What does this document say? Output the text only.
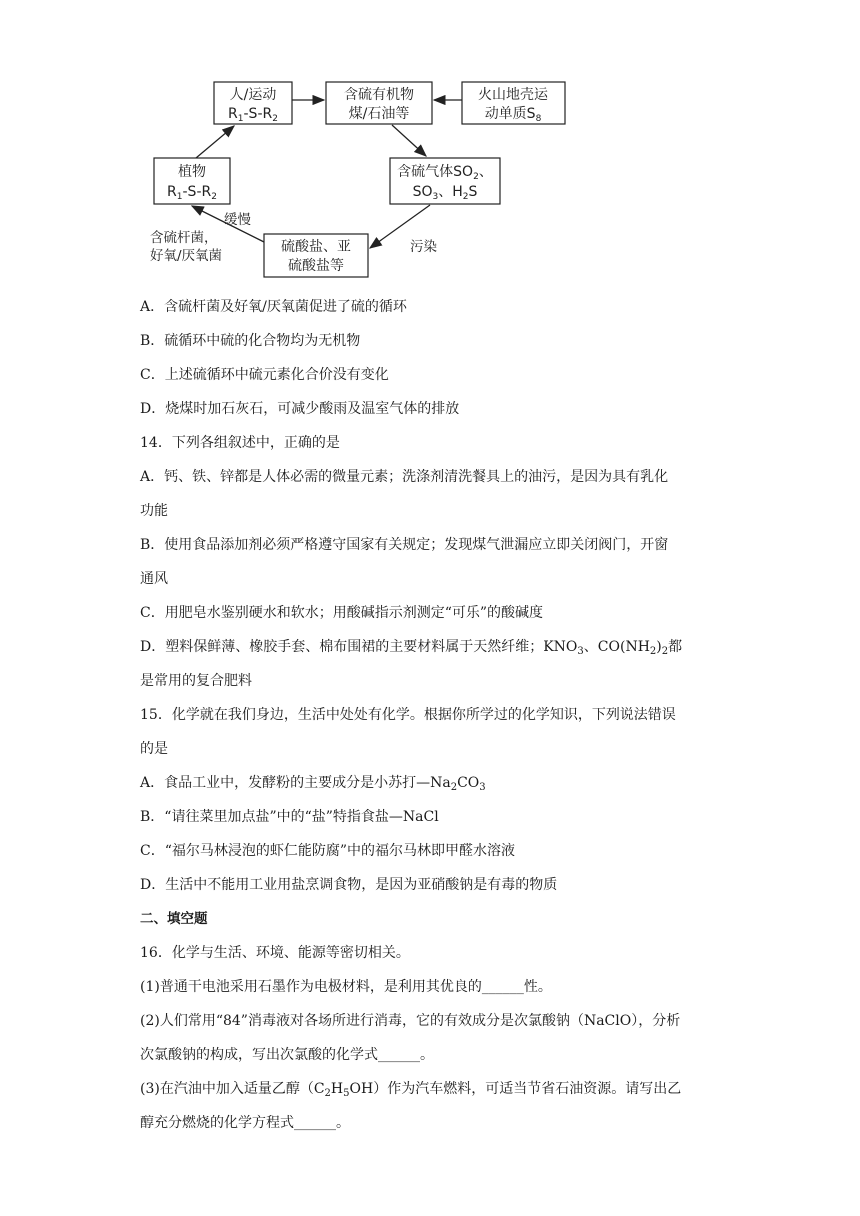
人/运动
$R_1-S-R_2$
含硫有机物
煤/石油等
火山地壳运
动单质$S_8$
植物
$R_1-S-R_2$
含硫气体$SO_2$、
$SO_3$、$H_2S$
硫酸盐、亚
硫酸盐等
缓慢
含硫杆菌，
好氧/厌氧菌
污染
A．含硫杆菌及好氧/厌氧菌促进了硫的循环
B．硫循环中硫的化合物均为无机物
C．上述硫循环中硫元素化合价没有变化
D．烧煤时加石灰石，可减少酸雨及温室气体的排放
14．下列各组叙述中，正确的是
A．钙、铁、锌都是人体必需的微量元素；洗涤剂清洗餐具上的油污，是因为具有乳化
功能
B．使用食品添加剂必须严格遵守国家有关规定；发现煤气泄漏应立即关闭阀门，开窗
通风
C．用肥皂水鉴别硬水和软水；用酸碱指示剂测定“可乐”的酸碱度
D．塑料保鲜薄、橡胶手套、棉布围裙的主要材料属于天然纤维；$KNO_3$、$CO(NH_2)_2$都
是常用的复合肥料
15．化学就在我们身边，生活中处处有化学。根据你所学过的化学知识，下列说法错误
的是
A．食品工业中，发酵粉的主要成分是小苏打$—Na_2CO_3$
B．“请往菜里加点盐”中的“盐”特指食盐—NaCl
C．“福尔马林浸泡的虾仁能防腐”中的福尔马林即甲醛水溶液
D．生活中不能用工业用盐烹调食物，是因为亚硝酸钠是有毒的物质
二、填空题
16．化学与生活、环境、能源等密切相关。
(1)普通干电池采用石墨作为电极材料，是利用其优良的______性。
(2)人们常用“84”消毒液对各场所进行消毒，它的有效成分是次氯酸钠（NaClO），分析
次氯酸钠的构成，写出次氯酸的化学式______。
(3)在汽油中加入适量乙醇$(C_2H_5OH)$作为汽车燃料，可适当节省石油资源。请写出乙
醇充分燃烧的化学方程式______。
